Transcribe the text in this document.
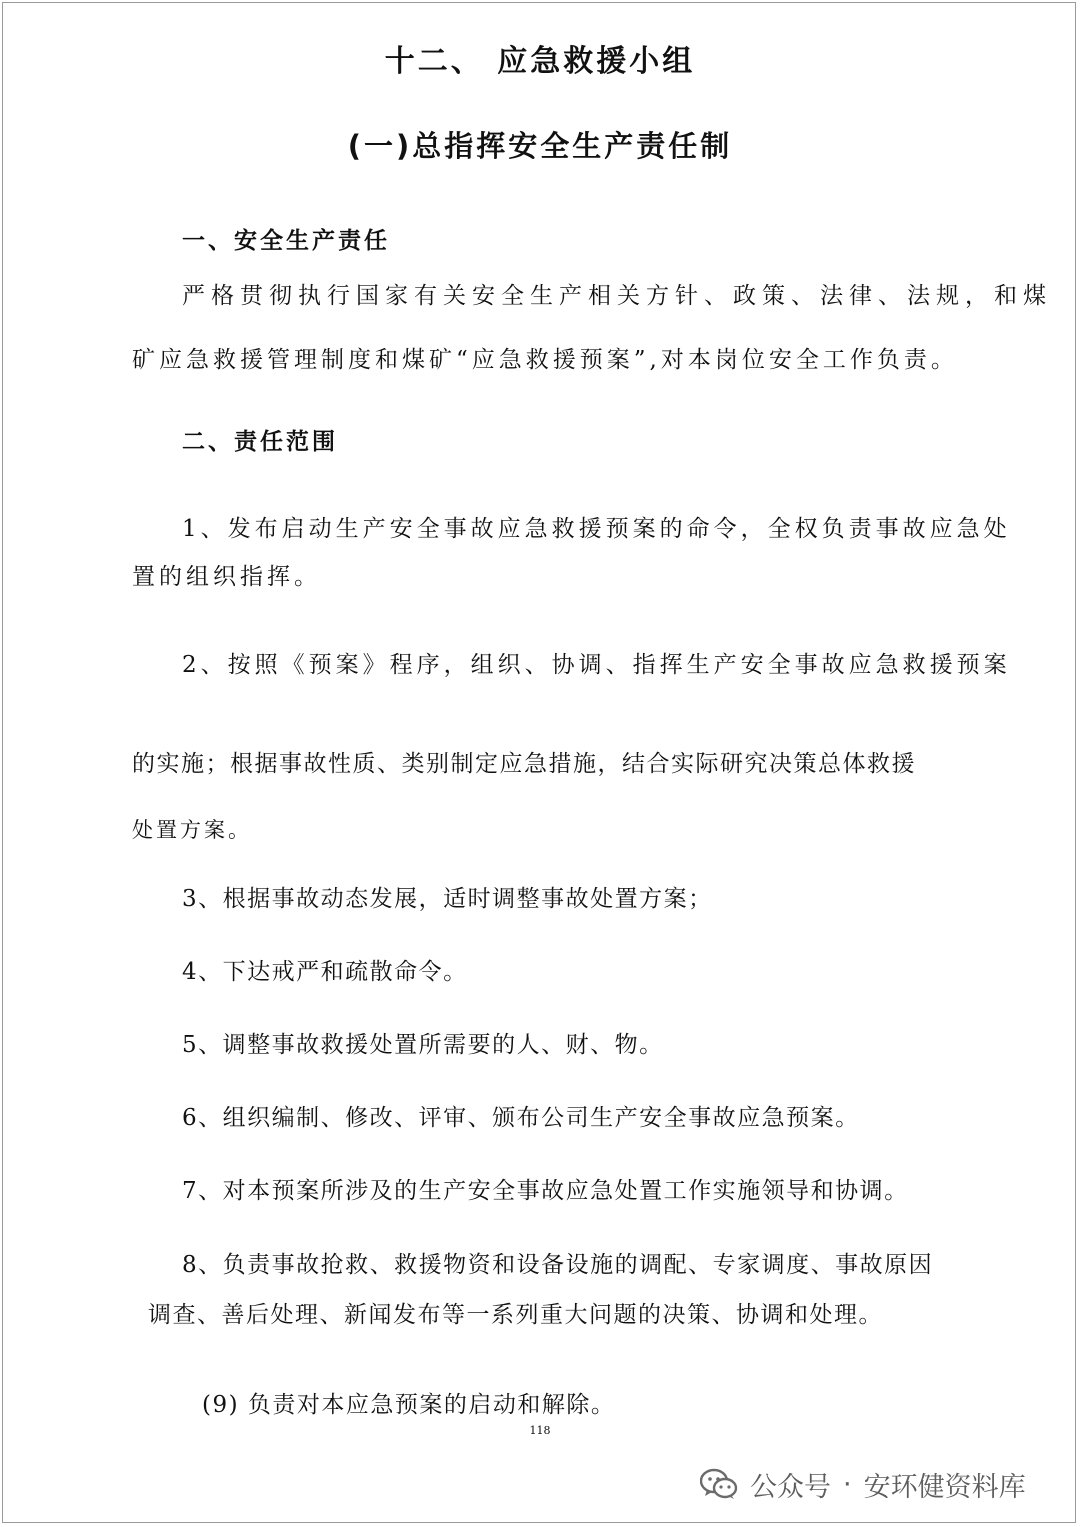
十二、 应急救援小组
(一)总指挥安全生产责任制
一、安全生产责任
严格贯彻执行国家有关安全生产相关方针、政策、法律、法规，和煤
矿应急救援管理制度和煤矿“应急救援预案”,对本岗位安全工作负责。
二、责任范围
1、发布启动生产安全事故应急救援预案的命令，全权负责事故应急处
置的组织指挥。
2、按照《预案》程序，组织、协调、指挥生产安全事故应急救援预案
的实施；根据事故性质、类别制定应急措施，结合实际研究决策总体救援
处置方案。
3、根据事故动态发展，适时调整事故处置方案；
4、下达戒严和疏散命令。
5、调整事故救援处置所需要的人、财、物。
6、组织编制、修改、评审、颁布公司生产安全事故应急预案。
7、对本预案所涉及的生产安全事故应急处置工作实施领导和协调。
8、负责事故抢救、救援物资和设备设施的调配、专家调度、事故原因
调查、善后处理、新闻发布等一系列重大问题的决策、协调和处理。
(9) 负责对本应急预案的启动和解除。
118
公众号 · 安环健资料库
